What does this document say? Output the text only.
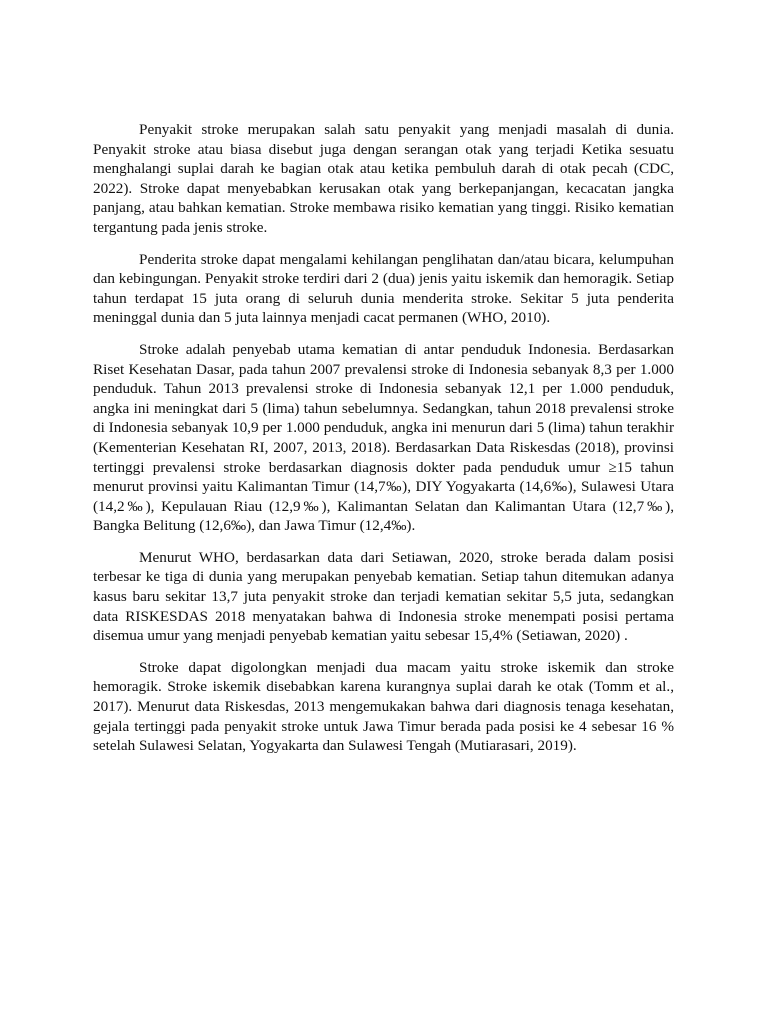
Penyakit stroke merupakan salah satu penyakit yang menjadi masalah di dunia. Penyakit stroke atau biasa disebut juga dengan serangan otak yang terjadi Ketika sesuatu menghalangi suplai darah ke bagian otak atau ketika pembuluh darah di otak pecah (CDC, 2022). Stroke dapat menyebabkan kerusakan otak yang berkepanjangan, kecacatan jangka panjang, atau bahkan kematian. Stroke membawa risiko kematian yang tinggi. Risiko kematian tergantung pada jenis stroke.

Penderita stroke dapat mengalami kehilangan penglihatan dan/atau bicara, kelumpuhan dan kebingungan. Penyakit stroke terdiri dari 2 (dua) jenis yaitu iskemik dan hemoragik. Setiap tahun terdapat 15 juta orang di seluruh dunia menderita stroke. Sekitar 5 juta penderita meninggal dunia dan 5 juta lainnya menjadi cacat permanen (WHO, 2010).

Stroke adalah penyebab utama kematian di antar penduduk Indonesia. Berdasarkan Riset Kesehatan Dasar, pada tahun 2007 prevalensi stroke di Indonesia sebanyak 8,3 per 1.000 penduduk. Tahun 2013 prevalensi stroke di Indonesia sebanyak 12,1 per 1.000 penduduk, angka ini meningkat dari 5 (lima) tahun sebelumnya. Sedangkan, tahun 2018 prevalensi stroke di Indonesia sebanyak 10,9 per 1.000 penduduk, angka ini menurun dari 5 (lima) tahun terakhir (Kementerian Kesehatan RI, 2007, 2013, 2018). Berdasarkan Data Riskesdas (2018), provinsi tertinggi prevalensi stroke berdasarkan diagnosis dokter pada penduduk umur ≥15 tahun menurut provinsi yaitu Kalimantan Timur (14,7‰), DIY Yogyakarta (14,6‰), Sulawesi Utara (14,2‰), Kepulauan Riau (12,9‰), Kalimantan Selatan dan Kalimantan Utara (12,7‰), Bangka Belitung (12,6‰), dan Jawa Timur (12,4‰).

Menurut WHO, berdasarkan data dari Setiawan, 2020, stroke berada dalam posisi terbesar ke tiga di dunia yang merupakan penyebab kematian. Setiap tahun ditemukan adanya kasus baru sekitar 13,7 juta penyakit stroke dan terjadi kematian sekitar 5,5 juta, sedangkan data RISKESDAS 2018 menyatakan bahwa di Indonesia stroke menempati posisi pertama disemua umur yang menjadi penyebab kematian yaitu sebesar 15,4% (Setiawan, 2020) .

Stroke dapat digolongkan menjadi dua macam yaitu stroke iskemik dan stroke hemoragik. Stroke iskemik disebabkan karena kurangnya suplai darah ke otak (Tomm et al., 2017). Menurut data Riskesdas, 2013 mengemukakan bahwa dari diagnosis tenaga kesehatan, gejala tertinggi pada penyakit stroke untuk Jawa Timur berada pada posisi ke 4 sebesar 16 % setelah Sulawesi Selatan, Yogyakarta dan Sulawesi Tengah (Mutiarasari, 2019).
